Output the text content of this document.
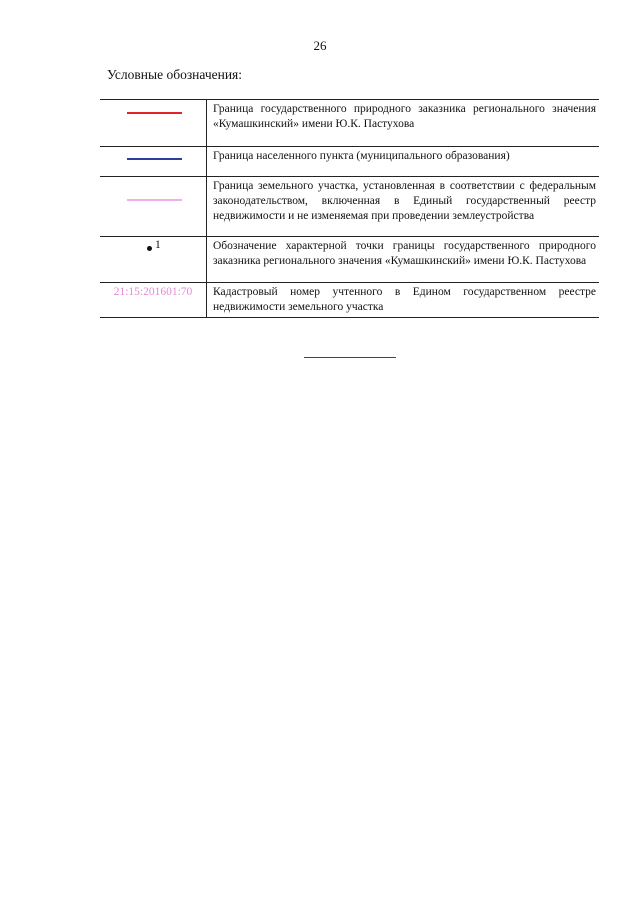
26
Условные обозначения:
	Граница государственного природного заказника регионального значения «Кумашкинский» имени Ю.К. Пастухова

	Граница населенного пункта (муниципального образования)

	Граница земельного участка, установленная в соответствии с федеральным законодательством, включенная в Единый государственный реестр недвижимости и не изменяемая при проведении землеустройства

1	Обозначение характерной точки границы государственного природного заказника регионального значения «Кумашкинский» имени Ю.К. Пастухова

21:15:201601:70	Кадастровый номер учтенного в Едином государственном реестре недвижимости земельного участка
